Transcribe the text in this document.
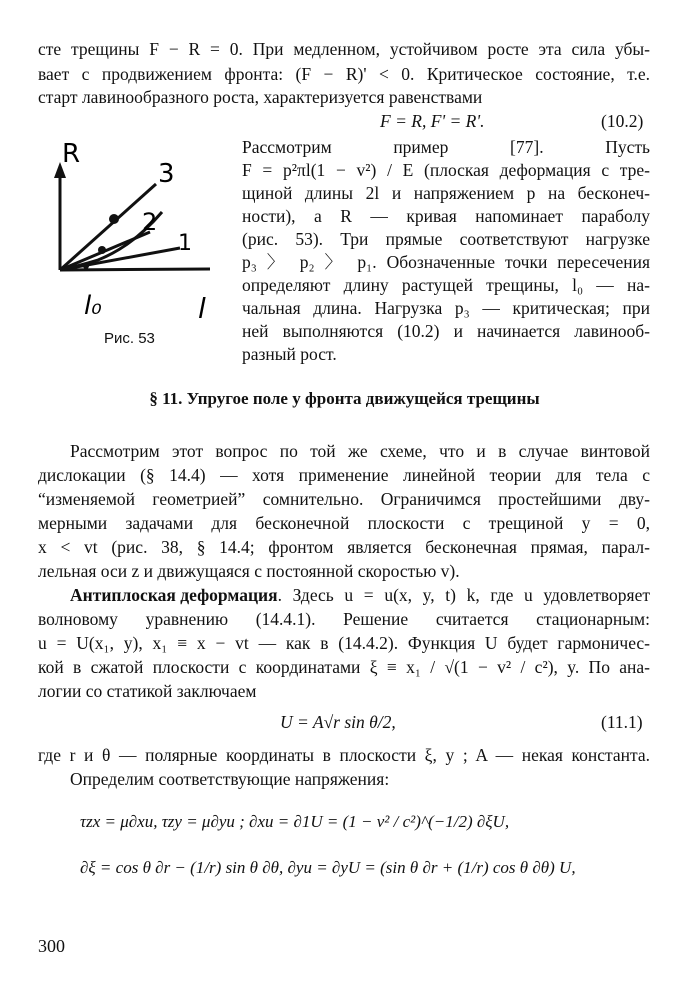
сте трещины F − R = 0. При медленном, устойчивом росте эта сила убы-
вает с продвижением фронта: (F − R)' < 0. Критическое состояние, т.е.
старт лавинообразного роста, характеризуется равенствами
F = R, F' = R'.	(10.2)
R
3
2
1
l₀	l
Рис. 53
Рассмотрим пример [77]. Пусть
F = p²πl(1 − v²) / E (плоская деформация с тре-
щиной длины 2l и напряжением p на бесконеч-
ности), а R — кривая напоминает параболу
(рис. 53). Три прямые соответствуют нагрузке
p₃ 〉 p₂ 〉 p₁. Обозначенные точки пересечения
определяют длину растущей трещины, l₀ — на-
чальная длина. Нагрузка p₃ — критическая; при
ней выполняются (10.2) и начинается лавинооб-
разный рост.
§ 11. Упругое поле у фронта движущейся трещины
Рассмотрим этот вопрос по той же схеме, что и в случае винтовой
дислокации (§ 14.4) — хотя применение линейной теории для тела с
“изменяемой геометрией” сомнительно. Ограничимся простейшими дву-
мерными задачами для бесконечной плоскости с трещиной y = 0,
x < vt (рис. 38, § 14.4; фронтом является бесконечная прямая, парал-
лельная оси z и движущаяся с постоянной скоростью v).
Антиплоская деформация . Здесь u = u(x, y, t) k, где u удовлетворяет
волновому уравнению (14.4.1). Решение считается стационарным:
u = U(x₁, y), x₁ ≡ x − vt — как в (14.4.2). Функция U будет гармоничес-
кой в сжатой плоскости с координатами ξ ≡ x₁ / √(1 − v² / c²), y. По ана-
логии со статикой заключаем
U = A√r sin θ/2,	(11.1)
где r и θ — полярные координаты в плоскости ξ, y ; A — некая константа.
Определим соответствующие напряжения:
τzx = μ∂xu, τzy = μ∂yu ; ∂xu = ∂1U = (1 − v² / c²)^(−1/2) ∂ξU,
∂ξ = cos θ ∂r − (1/r) sin θ ∂θ, ∂yu = ∂yU = (sin θ ∂r + (1/r) cos θ ∂θ) U,
300
